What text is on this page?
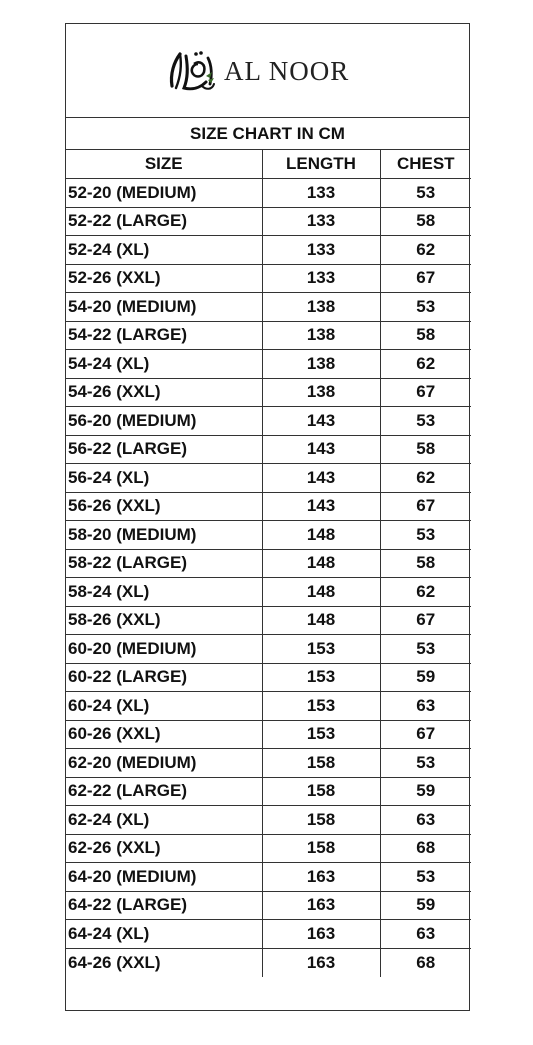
AL NOOR
SIZE CHART IN CM
SIZE	LENGTH	CHEST
52-20 (MEDIUM)	133	53
52-22 (LARGE)	133	58
52-24 (XL)	133	62
52-26 (XXL)	133	67
54-20 (MEDIUM)	138	53
54-22 (LARGE)	138	58
54-24 (XL)	138	62
54-26 (XXL)	138	67
56-20 (MEDIUM)	143	53
56-22 (LARGE)	143	58
56-24 (XL)	143	62
56-26 (XXL)	143	67
58-20 (MEDIUM)	148	53
58-22 (LARGE)	148	58
58-24 (XL)	148	62
58-26 (XXL)	148	67
60-20 (MEDIUM)	153	53
60-22 (LARGE)	153	59
60-24 (XL)	153	63
60-26 (XXL)	153	67
62-20 (MEDIUM)	158	53
62-22 (LARGE)	158	59
62-24 (XL)	158	63
62-26 (XXL)	158	68
64-20 (MEDIUM)	163	53
64-22 (LARGE)	163	59
64-24 (XL)	163	63
64-26 (XXL)	163	68
